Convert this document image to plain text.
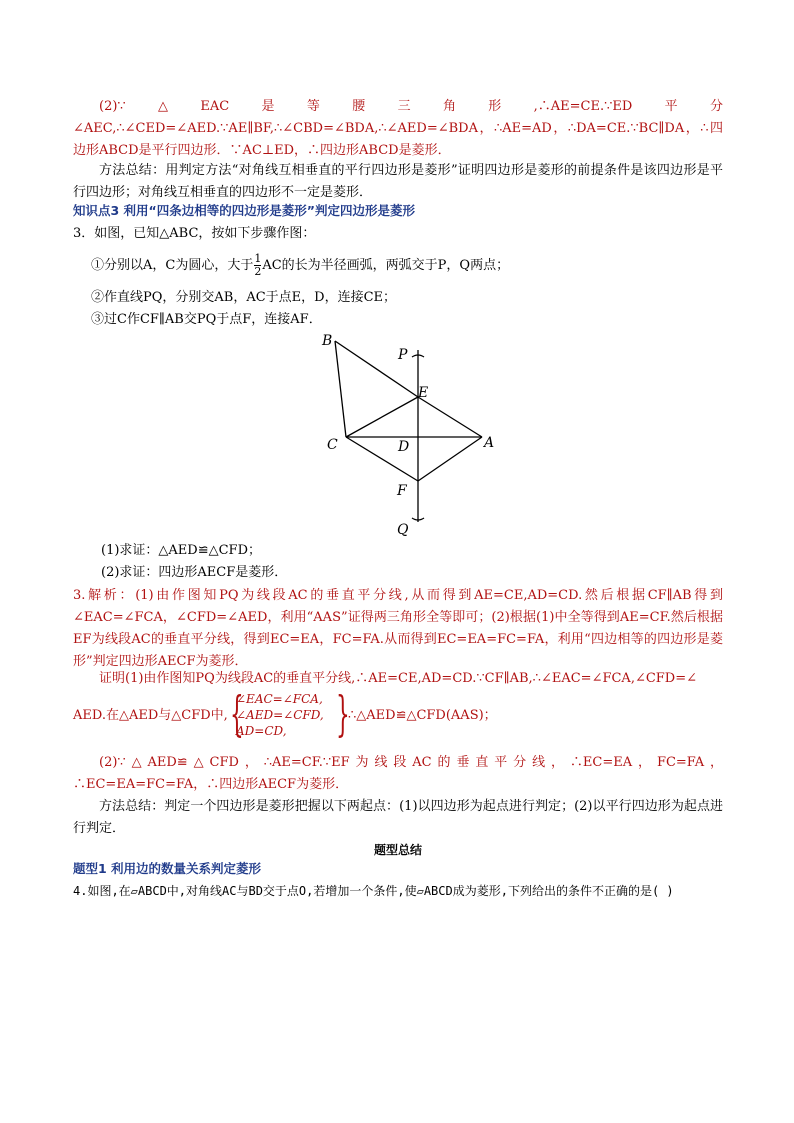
(2)∵△EAC是等腰三角形,∴AE=CE.∵ED平分∠AEC,∴∠CED=∠AED.∵AE∥BF,∴∠CBD=∠BDA,∴∠AED=∠BDA，∴AE=AD，∴DA=CE.∵BC∥DA，∴四边形ABCD是平行四边形．∵AC⊥ED，∴四边形ABCD是菱形．
方法总结：用判定方法“对角线互相垂直的平行四边形是菱形”证明四边形是菱形的前提条件是该四边形是平行四边形；对角线互相垂直的四边形不一定是菱形．
知识点3 利用“四条边相等的四边形是菱形”判定四边形是菱形
3．如图，已知△ABC，按如下步骤作图：
①分别以A，C为圆心，大于 $\frac{1}{2}$ AC的长为半径画弧，两弧交于P，Q两点；
②作直线PQ，分别交AB，AC于点E，D，连接CE；
③过C作CF∥AB交PQ于点F，连接AF．
B
P
E
C	D	A
F
Q
(1)求证：△AED≌△CFD；
(2)求证：四边形AECF是菱形．
3.解析：(1)由作图知PQ为线段AC的垂直平分线,从而得到AE=CE,AD=CD.然后根据CF∥AB得到∠EAC=∠FCA，∠CFD=∠AED，利用“AAS”证得两三角形全等即可；(2)根据(1)中全等得到AE=CF.然后根据EF为线段AC的垂直平分线，得到EC=EA，FC=FA.从而得到EC=EA=FC=FA，利用“四边相等的四边形是菱形”判定四边形AECF为菱形．
证明(1)由作图知PQ为线段AC的垂直平分线,∴AE=CE,AD=CD.∵CF∥AB,∴∠EAC=∠FCA,∠CFD=∠
AED.在△AED与△CFD中, {
∠EAC=∠FCA,
∠AED=∠CFD,
AD=CD,	}
∴△AED≌△CFD(AAS)；
(2)∵△AED≌△CFD，∴AE=CF.∵EF为线段AC的垂直平分线，∴EC=EA，FC=FA，∴EC=EA=FC=FA，∴四边形AECF为菱形．
方法总结：判定一个四边形是菱形把握以下两起点：(1)以四边形为起点进行判定；(2)以平行四边形为起点进行判定．
题型总结
题型1 利用边的数量关系判定菱形
4.如图,在▱ABCD中,对角线AC与BD交于点O,若增加一个条件,使▱ABCD成为菱形,下列给出的条件不正确的是( )
